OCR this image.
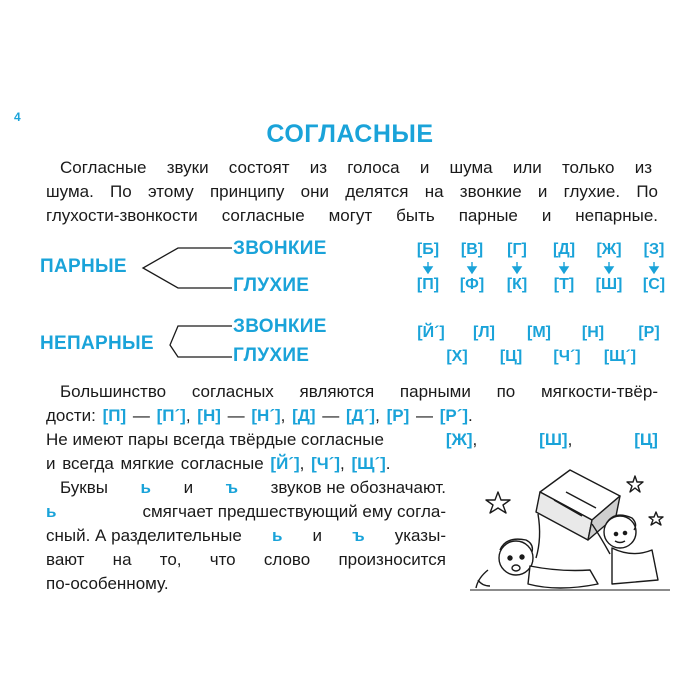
4
СОГЛАСНЫЕ
Согласные звуки состоят из голоса и шума или только из
шума. По этому принципу они делятся на звонкие и глухие. По
глухости-звонкости согласные могут быть парные и непарные.
ПАРНЫЕ
ЗВОНКИЕ
ГЛУХИЕ
НЕПАРНЫЕ
ЗВОНКИЕ
ГЛУХИЕ
[Б]	[В]	[Г]	[Д]	[Ж]	[З]
[П]	[Ф]	[К]	[Т]	[Ш]	[С]
[Й´]	[Л]	[М]	[Н]	[Р]
[Х]	[Ц]	[Ч´]	[Щ´]
Большинство согласных являются парными по мягкости-твёр-
дости: [П] — [П´], [Н] — [Н´], [Д] — [Д´], [Р] — [Р´].
Не имеют пары всегда твёрдые согласные	[Ж],	[Ш],	[Ц]
и всегда мягкие согласные [Й´], [Ч´], [Щ´].
Буквы ь и ъ звуков не обозначают.
ь	смягчает предшествующий ему согла-
сный. А разделительные ь и ъ указы-
вают на то, что слово произносится
по-особенному.
